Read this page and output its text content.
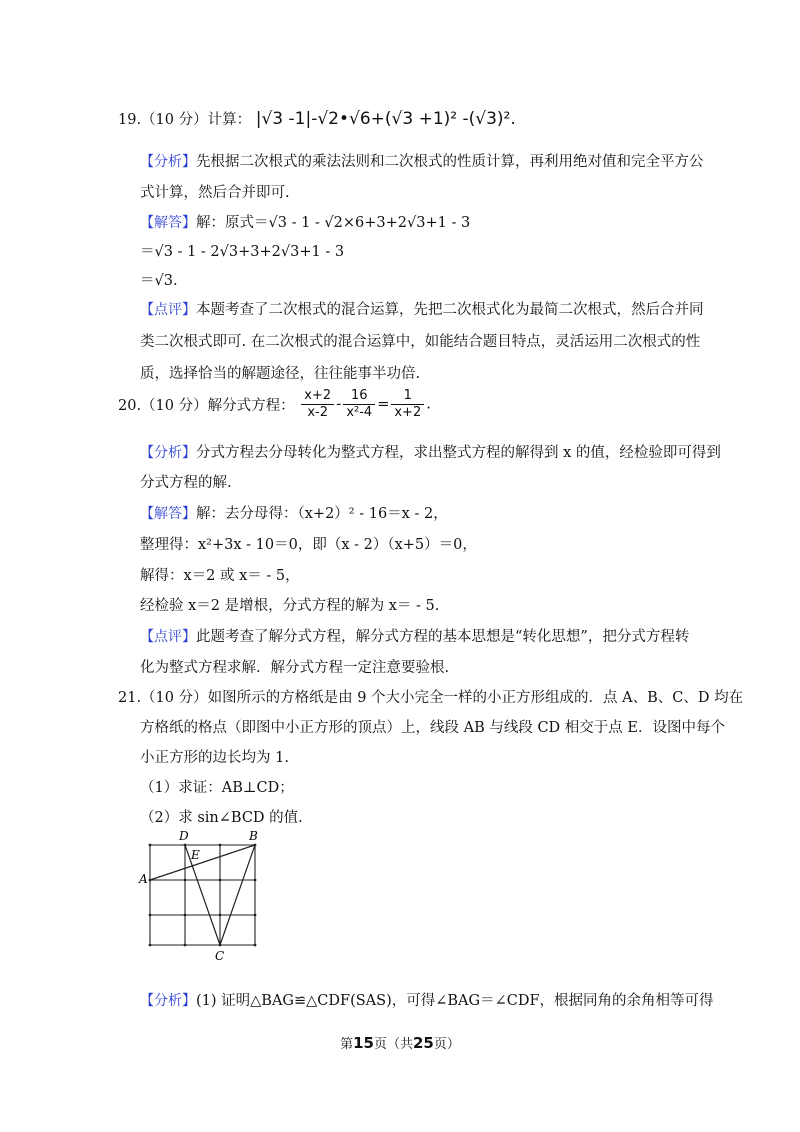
19.（10 分）计算： |√3 -1|-√2•√6+(√3 +1)² -(√3)².
【分析】先根据二次根式的乘法法则和二次根式的性质计算，再利用绝对值和完全平方公
式计算，然后合并即可.
【解答】解：原式＝√3 - 1 - √2×6+3+2√3+1 - 3
＝√3 - 1 - 2√3+3+2√3+1 - 3
＝√3.
【点评】本题考查了二次根式的混合运算，先把二次根式化为最简二次根式，然后合并同
类二次根式即可. 在二次根式的混合运算中，如能结合题目特点，灵活运用二次根式的性
质，选择恰当的解题途径，往往能事半功倍.
20.（10 分）解分式方程： $\frac{x+2}{x-2} - \frac{16}{\text{x²-4}} = \frac{1}{x+2}$ .
【分析】分式方程去分母转化为整式方程，求出整式方程的解得到 x 的值，经检验即可得到
分式方程的解.
【解答】解：去分母得：（x+2）² - 16＝x - 2，
整理得：x²+3x - 10＝0，即（x - 2）（x+5）＝0，
解得：x＝2 或 x＝ - 5，
经检验 x＝2 是增根，分式方程的解为 x＝ - 5.
【点评】此题考查了解分式方程，解分式方程的基本思想是“转化思想”，把分式方程转
化为整式方程求解．解分式方程一定注意要验根.
21.（10 分）如图所示的方格纸是由 9 个大小完全一样的小正方形组成的．点 A、B、C、D 均在
方格纸的格点（即图中小正方形的顶点）上，线段 AB 与线段 CD 相交于点 E．设图中每个
小正方形的边长均为 1.
（1）求证：AB⊥CD；
（2）求 sin∠BCD 的值.
D	B
A
E
C
【分析】(1) 证明△BAG≌△CDF(SAS)，可得∠BAG＝∠CDF，根据同角的余角相等可得
第15页（共25页）
